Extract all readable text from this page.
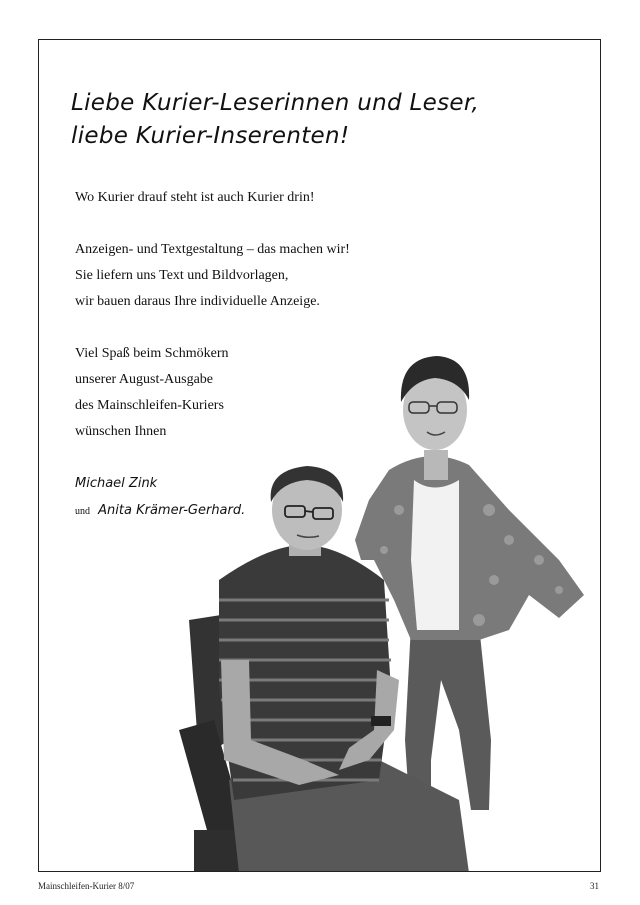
Liebe Kurier-Leserinnen und Leser,
liebe Kurier-Inserenten!
Wo Kurier drauf steht ist auch Kurier drin!
Anzeigen- und Textgestaltung – das machen wir!
Sie liefern uns Text und Bildvorlagen,
wir bauen daraus Ihre individuelle Anzeige.
Viel Spaß beim Schmökern
unserer August-Ausgabe
des Mainschleifen-Kuriers
wünschen Ihnen
Michael Zink
und Anita Krämer-Gerhard.
Mainschleifen-Kurier 8/07	31
